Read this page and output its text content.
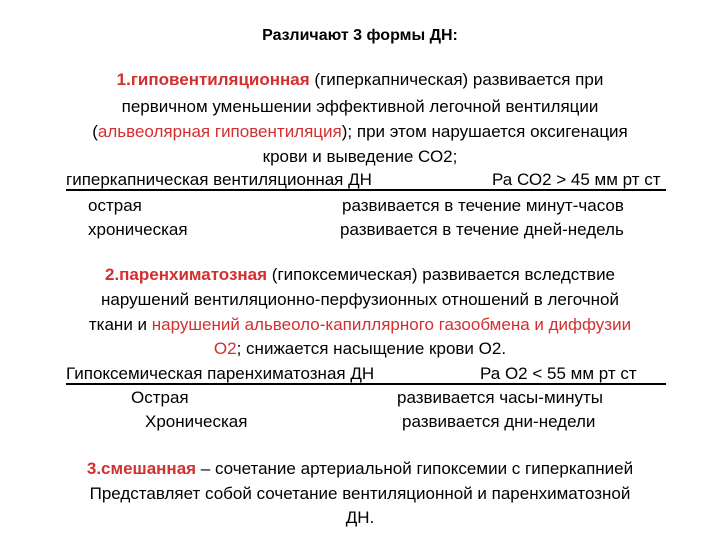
Различают 3 формы ДН:
1.гиповентиляционная (гиперкапническая) развивается при
первичном уменьшении эффективной легочной вентиляции
(альвеолярная гиповентиляция); при этом нарушается оксигенация
крови и выведение СО2;
гиперкапническая вентиляционная ДН	Ра СО2 > 45 мм рт ст
острая	развивается в течение минут-часов
хроническая	развивается в течение дней-недель
2.паренхиматозная (гипоксемическая) развивается вследствие
нарушений вентиляционно-перфузионных отношений в легочной
ткани и нарушений альвеоло-капиллярного газообмена и диффузии
О2; снижается насыщение крови О2.
Гипоксемическая паренхиматозная ДН	Ра О2 < 55 мм рт ст
Острая	развивается часы-минуты
Хроническая	развивается дни-недели
3.смешанная – сочетание артериальной гипоксемии с гиперкапнией
Представляет собой сочетание вентиляционной и паренхиматозной
ДН.
